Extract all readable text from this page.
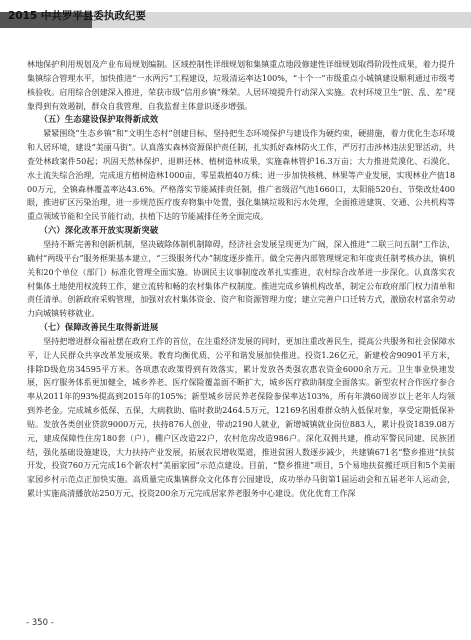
2015 中共罗平县委执政纪要

林地保护利用规划及产业布局规划编制。区域控制性详细规划和集镇重点地段修建性详细规划取得阶段性成果，着力提升集镇综合管理水平，加快推进“一水两污”工程建设，垃圾清运率达100%，“十个一”市级重点小城镇建设顺利通过市级考核验收。启用综合创建深入推进，荣获市级“信用乡镇”殊荣。人居环境提升行动深入实施。农村环境卫生“脏、乱、差”现象得到有效遏制，群众自我管理、自我监督主体意识逐步增强。

（五）生态建设保护取得新成效

紧紧围绕“生态乡镇”和“文明生态村”创建目标，坚持把生态环境保护与建设作为硬约束，硬措施，着力优化生态环境和人居环境，建设“美丽马街”。认真落实森林资源保护责任制，扎实抓好森林防火工作，严厉打击涉林违法犯罪活动，共查处林政案件50起；巩固天然林保护、退耕还林、植树造林成果，实施森林管护16.3万亩；大力推进荒漠化、石漠化、水土流失综合治理，完成退方植树造林1000亩，零星栽植40万株；进一步加快核桃、林果等产业发展，实现林业产值1800万元，全镇森林覆盖率达43.6%。严格落实节能减排责任制，推广省级沼气池1660口，太阳能520台、节柴改灶400眼，推进矿区污染治理，进一步规范医疗废弃物集中处置，强化集镇垃圾和污水处理，全面推进建筑、交通、公共机构等重点领域节能和全民节能行动，扶植下达的节能减排任务全面完成。

（六）深化改革开放实现新突破

坚持不断完善和创新机制，坚决破除体制机制障碍，经济社会发展呈现更为广阔，深入推进“二联三问五制”工作法，确村“两级平台”服务框架基本建立，“三级服务代办”制度逐步推开。做全完善内部管理规定和年度责任制考核办法，镇机关和20个单位（部门）标准化管理全面实施。协调民主议事制度改革扎实推进，农村综合改革进一步深化。认真落实农村集体土地使用权流转工作，建立流转和畅的农村集体产权制度。推进完成乡镇机构改革，制定公布政府部门权力清单和责任清单。创新政府采购管理，加强对农村集体资金、资产和资源管理力度；建立完善户口迁转方式，激励农村富余劳动力向城镇转移就业。

（七）保障改善民生取得新进展

坚持把增进群众福祉摆在政府工作的首位，在注重经济发展的同时，更加注重改善民生，提高公共服务和社会保障水平，让人民群众共享改革发展成果。教育均衡优质、公平和谐发展加快推进。投资1.26亿元，新建校舍90901平方米，排除D级危房34595平方米。各项惠农政策得到有效落实，累计发放各类强农惠农资金6000余万元。卫生事业快速发展，医疗服务体系更加健全，城乡养老、医疗保险覆盖面不断扩大，城乡医疗救助制度全面落实。新型农村合作医疗参合率从2011年的93%提高到2015年的105%；新型城乡居民养老保险参保率达103%，所有年满60周岁以上老年人均领到养老金。完成城乡低保、五保、大病救助、临时救助2464.5万元，12169名困难群众纳入低保对象，享受定期低保补贴。发放各类创业贷款9000万元，扶持876人创业，带动2190人就业，新增城镇就业岗位883人，累计投资1839.08万元，建成保障性住房180套（户），棚户区改造22户，农村危房改造986户。深化双拥共建，推动军警民同建、民族团结，强化基础设施建设，大力扶持产业发展，拓展农民增收渠道，推进贫困人数逐步减少，共建镇671名“整乡推进”扶贫开发，投资760万元完成16个新农村“美丽家园”示范点建设。目前，“整乡推进”项目，5个易地扶贫搬迁项目和5个美丽家园乡村示范点正加快实施。高质量完成集镇群众文化体育公园建设，成功举办马街第1届运动会和五届老年人运动会，累计实施高清播放站250万元，投资200余万元完成居家养老服务中心建设。优化优育工作深

- 350 -
